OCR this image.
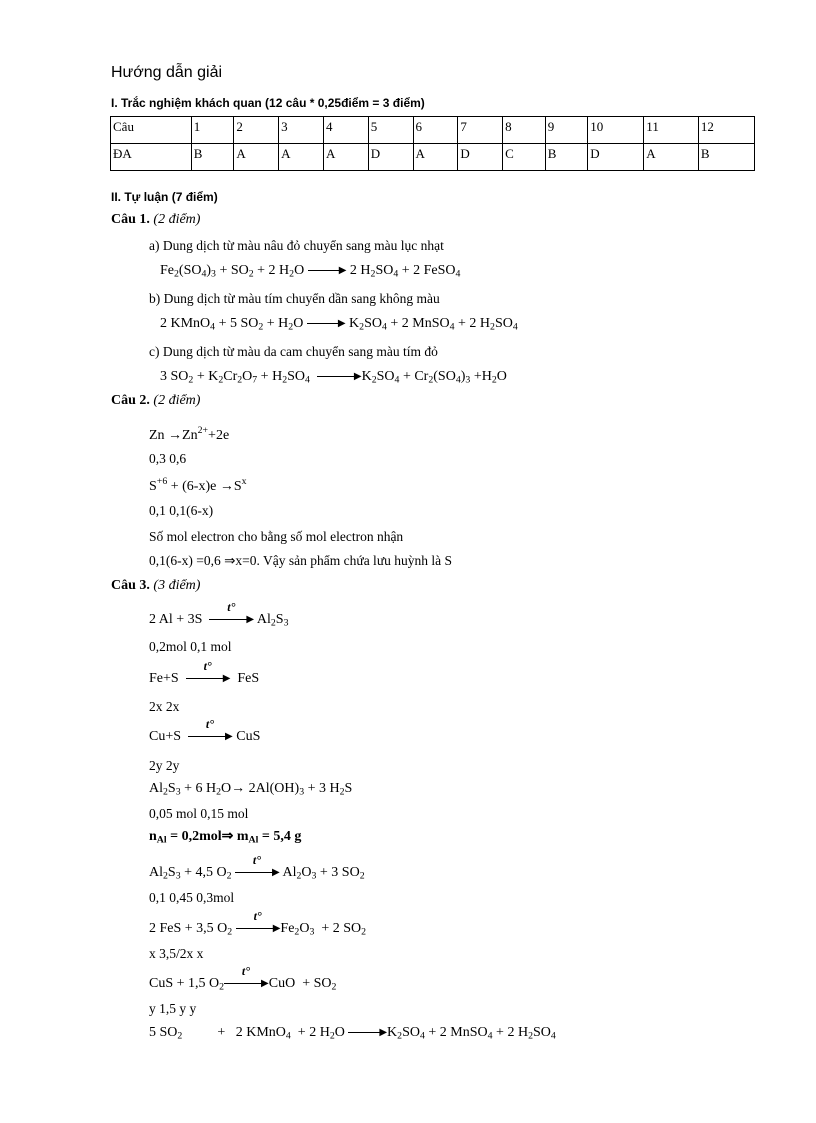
Hướng dẫn giải
I. Trắc nghiệm khách quan (12 câu * 0,25điểm = 3 điểm)
Câu	1	2	3	4	5	6	7	8	9	10	11	12
ĐA	B	A	A	A	D	A	D	C	B	D	A	B
II. Tự luận (7 điểm)
Câu 1. (2 điểm)
a) Dung dịch từ màu nâu đỏ chuyển sang màu lục nhạt
$Fe_2(SO_4)_3 + SO_2 + 2$ $H_2O$	▶ 2 $H_2SO_4 + 2$ FeSO$_4$
b) Dung dịch từ màu tím chuyển dần sang không màu
2 KMnO$_4$ + 5 $SO_2 + H_2O$	▶ $K_2SO_4 + 2$ MnSO$_4$ + 2 $H_2SO_4$
c) Dung dịch từ màu da cam chuyển sang màu tím đỏ
3 $SO_2 + K_2Cr_2O_7 + H_2SO_4$	$▶K_2SO_4 + Cr_2(SO_4)_3 +H_2O$
Câu 2. (2 điểm)
$Zn \to Zn^{2+}+2e$
0,3 0,6
$S^{+6} + (6-x)e \to S^x$
0,1 0,1(6-x)
Số mol electron cho bằng số mol electron nhận
0,1(6-x) =0,6 ⇒x=0. Vậy sản phẩm chứa lưu huỳnh là S
Câu 3. (3 điểm)
2 Al + 3S
t°
▶ $Al_2S_3$
0,2mol 0,1 mol
Fe+S
t°
▶  FeS
2x 2x
Cu+S
t°
▶ CuS
2y 2y
$Al_2S_3 + 6$ $H_2O\to 2Al(OH)_3 + 3$ $H_2S$
0,05 mol 0,15 mol
$n_{Al}$ = 0,2mol⇒ $m_{Al} = 5,4$ g
$Al_2S_3 + 4,5$ $O_2$
t°
▶ $Al_2O_3 + 3$ $SO_2$
0,1 0,45 0,3mol
2 FeS + 3,5 $O_2$
t°
$▶Fe_2O_3 + 2$ $SO_2$
x 3,5/2x x
CuS + 1,5 $O_2$
t°
▶CuO  + $SO_2$
y 1,5 y y
5 $SO_2$          +   2 KMnO$_4$  + 2 $H_2O$	$▶K_2SO_4 + 2$ MnSO$_4$ + 2 $H_2SO_4$
